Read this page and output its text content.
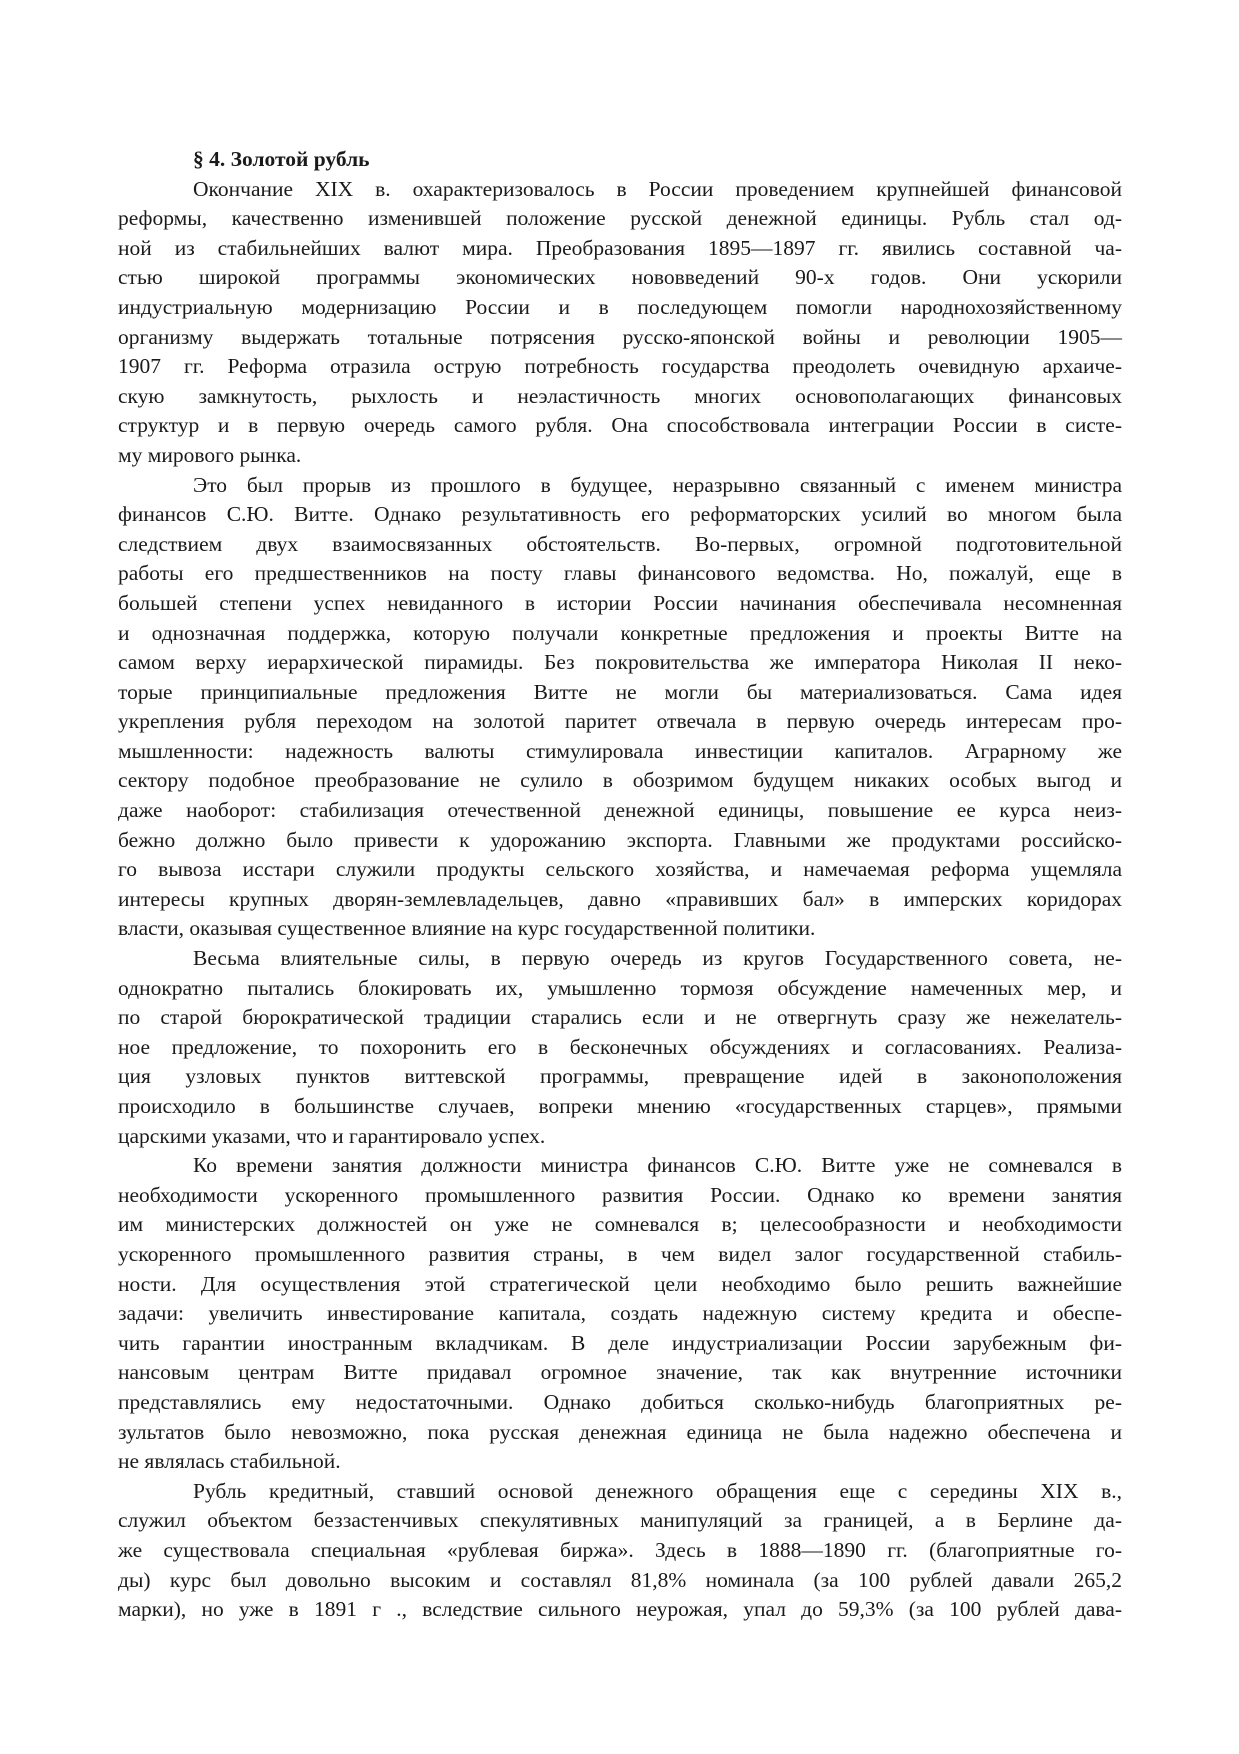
§ 4. Золотой рубль

Окончание XIX в. охарактеризовалось в России проведением крупнейшей финансовой
реформы, качественно изменившей положение русской денежной единицы. Рубль стал од-
ной из стабильнейших валют мира. Преобразования 1895—1897 гг. явились составной ча-
стью широкой программы экономических нововведений 90-х годов. Они ускорили
индустриальную модернизацию России и в последующем помогли народнохозяйственному
организму выдержать тотальные потрясения русско-японской войны и революции 1905—
1907 гг. Реформа отразила острую потребность государства преодолеть очевидную архаиче-
скую замкнутость, рыхлость и неэластичность многих основополагающих финансовых
структур и в первую очередь самого рубля. Она способствовала интеграции России в систе-
му мирового рынка.
Это был прорыв из прошлого в будущее, неразрывно связанный с именем министра
финансов С.Ю. Витте. Однако результативность его реформаторских усилий во многом была
следствием двух взаимосвязанных обстоятельств. Во-первых, огромной подготовительной
работы его предшественников на посту главы финансового ведомства. Но, пожалуй, еще в
большей степени успех невиданного в истории России начинания обеспечивала несомненная
и однозначная поддержка, которую получали конкретные предложения и проекты Витте на
самом верху иерархической пирамиды. Без покровительства же императора Николая II неко-
торые принципиальные предложения Витте не могли бы материализоваться. Сама идея
укрепления рубля переходом на золотой паритет отвечала в первую очередь интересам про-
мышленности: надежность валюты стимулировала инвестиции капиталов. Аграрному же
сектору подобное преобразование не сулило в обозримом будущем никаких особых выгод и
даже наоборот: стабилизация отечественной денежной единицы, повышение ее курса неиз-
бежно должно было привести к удорожанию экспорта. Главными же продуктами российско-
го вывоза исстари служили продукты сельского хозяйства, и намечаемая реформа ущемляла
интересы крупных дворян-землевладельцев, давно «правивших бал» в имперских коридорах
власти, оказывая существенное влияние на курс государственной политики.
Весьма влиятельные силы, в первую очередь из кругов Государственного совета, не-
однократно пытались блокировать их, умышленно тормозя обсуждение намеченных мер, и
по старой бюрократической традиции старались если и не отвергнуть сразу же нежелатель-
ное предложение, то похоронить его в бесконечных обсуждениях и согласованиях. Реализа-
ция узловых пунктов виттевской программы, превращение идей в законоположения
происходило в большинстве случаев, вопреки мнению «государственных старцев», прямыми
царскими указами, что и гарантировало успех.
Ко времени занятия должности министра финансов С.Ю. Витте уже не сомневался в
необходимости ускоренного промышленного развития России. Однако ко времени занятия
им министерских должностей он уже не сомневался в; целесообразности и необходимости
ускоренного промышленного развития страны, в чем видел залог государственной стабиль-
ности. Для осуществления этой стратегической цели необходимо было решить важнейшие
задачи: увеличить инвестирование капитала, создать надежную систему кредита и обеспе-
чить гарантии иностранным вкладчикам. В деле индустриализации России зарубежным фи-
нансовым центрам Витте придавал огромное значение, так как внутренние источники
представлялись ему недостаточными. Однако добиться сколько-нибудь благоприятных ре-
зультатов было невозможно, пока русская денежная единица не была надежно обеспечена и
не являлась стабильной.
Рубль кредитный, ставший основой денежного обращения еще с середины XIX в.,
служил объектом беззастенчивых спекулятивных манипуляций за границей, а в Берлине да-
же существовала специальная «рублевая биржа». Здесь в 1888—1890 гг. (благоприятные го-
ды) курс был довольно высоким и составлял 81,8% номинала (за 100 рублей давали 265,2
марки), но уже в 1891 г ., вследствие сильного неурожая, упал до 59,3% (за 100 рублей дава-
